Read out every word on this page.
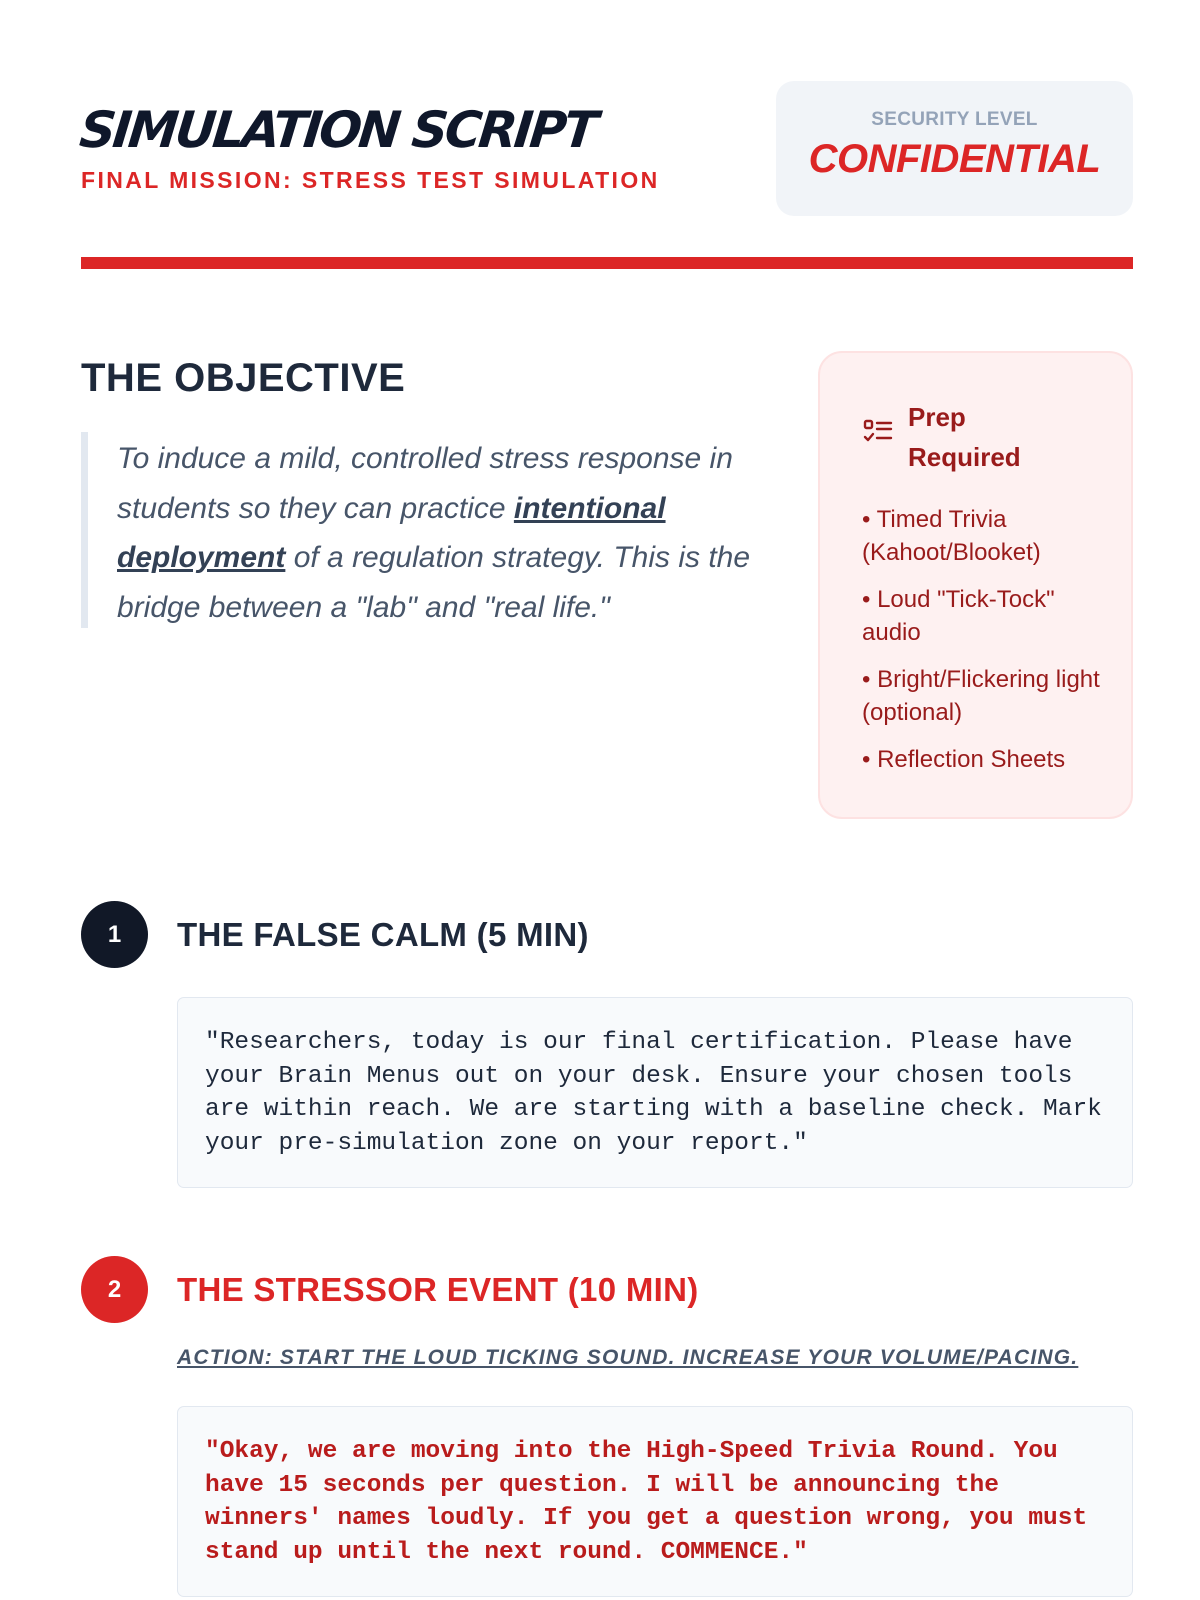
SIMULATION SCRIPT
FINAL MISSION: STRESS TEST SIMULATION
SECURITY LEVEL
CONFIDENTIAL
THE OBJECTIVE
To induce a mild, controlled stress response in students so they can practice intentional deployment of a regulation strategy. This is the bridge between a "lab" and "real life."
Prep Required
• Timed Trivia (Kahoot/Blooket)
• Loud "Tick-Tock" audio
• Bright/Flickering light (optional)
• Reflection Sheets
1	THE FALSE CALM (5 MIN)
"Researchers, today is our final certification. Please have your Brain Menus out on your desk. Ensure your chosen tools are within reach. We are starting with a baseline check. Mark your pre-simulation zone on your report."
2	THE STRESSOR EVENT (10 MIN)
ACTION: START THE LOUD TICKING SOUND. INCREASE YOUR VOLUME/PACING.
"Okay, we are moving into the High-Speed Trivia Round. You have 15 seconds per question. I will be announcing the winners' names loudly. If you get a question wrong, you must stand up until the next round. COMMENCE."
